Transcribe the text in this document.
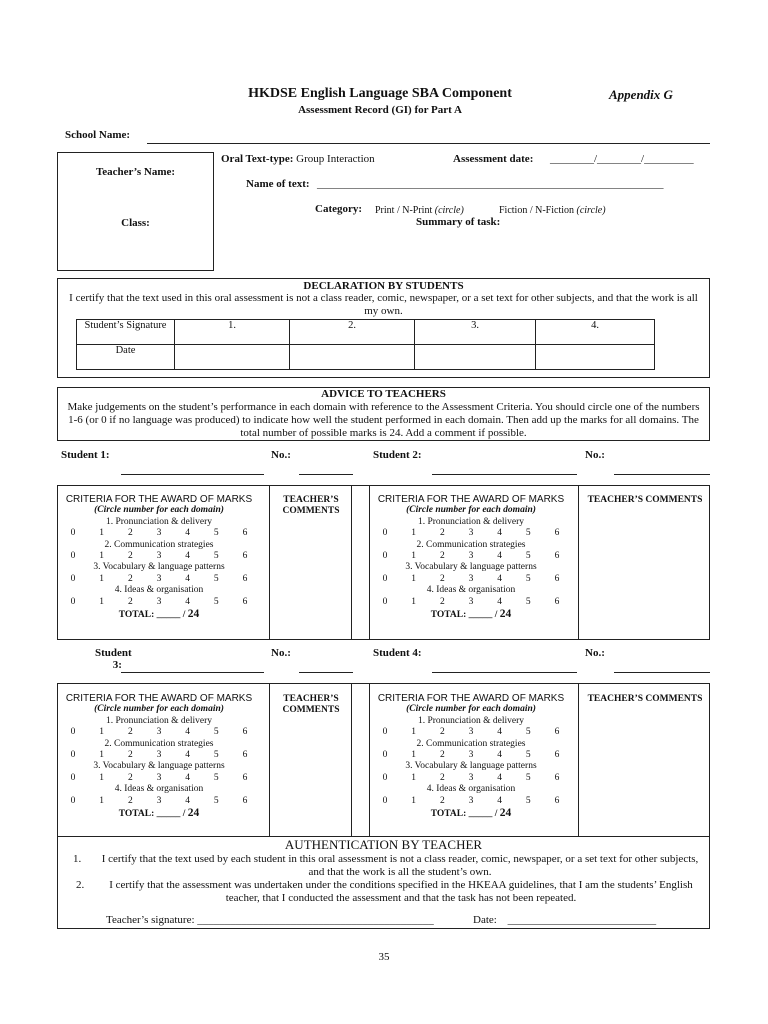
HKDSE English Language SBA Component	Appendix G
Assessment Record (GI) for Part A
School Name:
Teacher’s Name:
Class:
Oral Text-type: Group Interaction	Assessment date: ________/________/_________
Name of text: _______________________________________________________________
Category: Print / N-Print (circle)	Fiction / N-Fiction (circle)
Summary of task:
DECLARATION BY STUDENTS
I certify that the text used in this oral assessment is not a class reader, comic, newspaper, or a set text for other subjects, and that the work is all my own.
Student’s Signature	1.	2.	3.	4.
Date				
ADVICE TO TEACHERS
Make judgements on the student’s performance in each domain with reference to the Assessment Criteria. You should circle one of the numbers 1-6 (or 0 if no language was produced) to indicate how well the student performed in each domain. Then add up the marks for all domains. The total number of possible marks is 24. Add a comment if possible.
Student 1:	No.:	Student 2:	No.:
Student
3:
No.:	Student 4:	No.:
AUTHENTICATION BY TEACHER
1. I certify that the text used by each student in this oral assessment is not a class reader, comic, newspaper, or a set text for other subjects, and that the work is all the student’s own.
2. I certify that the assessment was undertaken under the conditions specified in the HKEAA guidelines, that I am the students’ English teacher, that I conducted the assessment and that the task has not been repeated.
Teacher’s signature: ___________________________________________	Date: ___________________________
35
CRITERIA FOR THE AWARD OF MARKS
(Circle number for each domain)
1. Pronunciation & delivery
0	1	2	3	4	5	6
2. Communication strategies
0	1	2	3	4	5	6
3. Vocabulary & language patterns
0	1	2	3	4	5	6
4. Ideas & organisation
0	1	2	3	4	5	6
TOTAL: _____ / 24
CRITERIA FOR THE AWARD OF MARKS
(Circle number for each domain)
1. Pronunciation & delivery
0	1	2	3	4	5	6
2. Communication strategies
0	1	2	3	4	5	6
3. Vocabulary & language patterns
0	1	2	3	4	5	6
4. Ideas & organisation
0	1	2	3	4	5	6
TOTAL: _____ / 24
CRITERIA FOR THE AWARD OF MARKS
(Circle number for each domain)
1. Pronunciation & delivery
0	1	2	3	4	5	6
2. Communication strategies
0	1	2	3	4	5	6
3. Vocabulary & language patterns
0	1	2	3	4	5	6
4. Ideas & organisation
0	1	2	3	4	5	6
TOTAL: _____ / 24
CRITERIA FOR THE AWARD OF MARKS
(Circle number for each domain)
1. Pronunciation & delivery
0	1	2	3	4	5	6
2. Communication strategies
0	1	2	3	4	5	6
3. Vocabulary & language patterns
0	1	2	3	4	5	6
4. Ideas & organisation
0	1	2	3	4	5	6
TOTAL: _____ / 24
TEACHER’S COMMENTS
TEACHER’S COMMENTS
TEACHER’S COMMENTS
TEACHER’S COMMENTS
